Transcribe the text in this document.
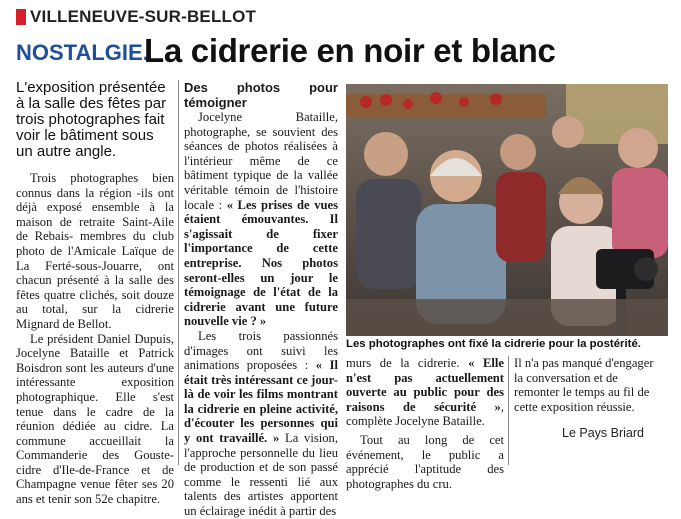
VILLENEUVE-SUR-BELLOT
NOSTALGIE.
La cidrerie en noir et blanc

L'exposition présentée à la salle des fêtes par trois photographes fait voir le bâtiment sous un autre angle.

Trois photographes bien connus dans la région -ils ont déjà exposé ensemble à la maison de retraite Saint-Aile de Rebais- membres du club photo de l'Amicale Laïque de La Ferté-sous-Jouarre, ont chacun présenté à la salle des fêtes quatre clichés, soit douze au total, sur la cidrerie Mignard de Bellot.

Le président Daniel Dupuis, Jocelyne Bataille et Patrick Boisdron sont les auteurs d'une intéressante exposition photographique. Elle s'est tenue dans le cadre de la réunion dédiée au cidre. La commune accueillait la Commanderie des Gouste-cidre d'Ile-de-France et de Champagne venue fêter ses 20 ans et tenir son 52e chapitre.

Des photos pour témoigner

Jocelyne Bataille, photographe, se souvient des séances de photos réalisées à l'intérieur même de ce bâtiment typique de la vallée véritable témoin de l'histoire locale : « Les prises de vues étaient émouvantes. Il s'agissait de fixer l'importance de cette entreprise. Nos photos seront-elles un jour le témoignage de l'état de la cidrerie avant une future nouvelle vie ? »

Les trois passionnés d'images ont suivi les animations proposées : « Il était très intéressant ce jour-là de voir les films montrant la cidrerie en pleine activité, d'écouter les personnes qui y ont travaillé. » La vision, l'approche personnelle du lieu de production et de son passé comme le ressenti lié aux talents des artistes apportent un éclairage inédit à partir des

Les photographes ont fixé la cidrerie pour la postérité.

murs de la cidrerie. « Elle n'est pas actuellement ouverte au public pour des raisons de sécurité », complète Jocelyne Bataille.

Tout au long de cet événement, le public a apprécié l'aptitude des photographes du cru.

Il n'a pas manqué d'engager la conversation et de remonter le temps au fil de cette exposition réussie.

Le Pays Briard
